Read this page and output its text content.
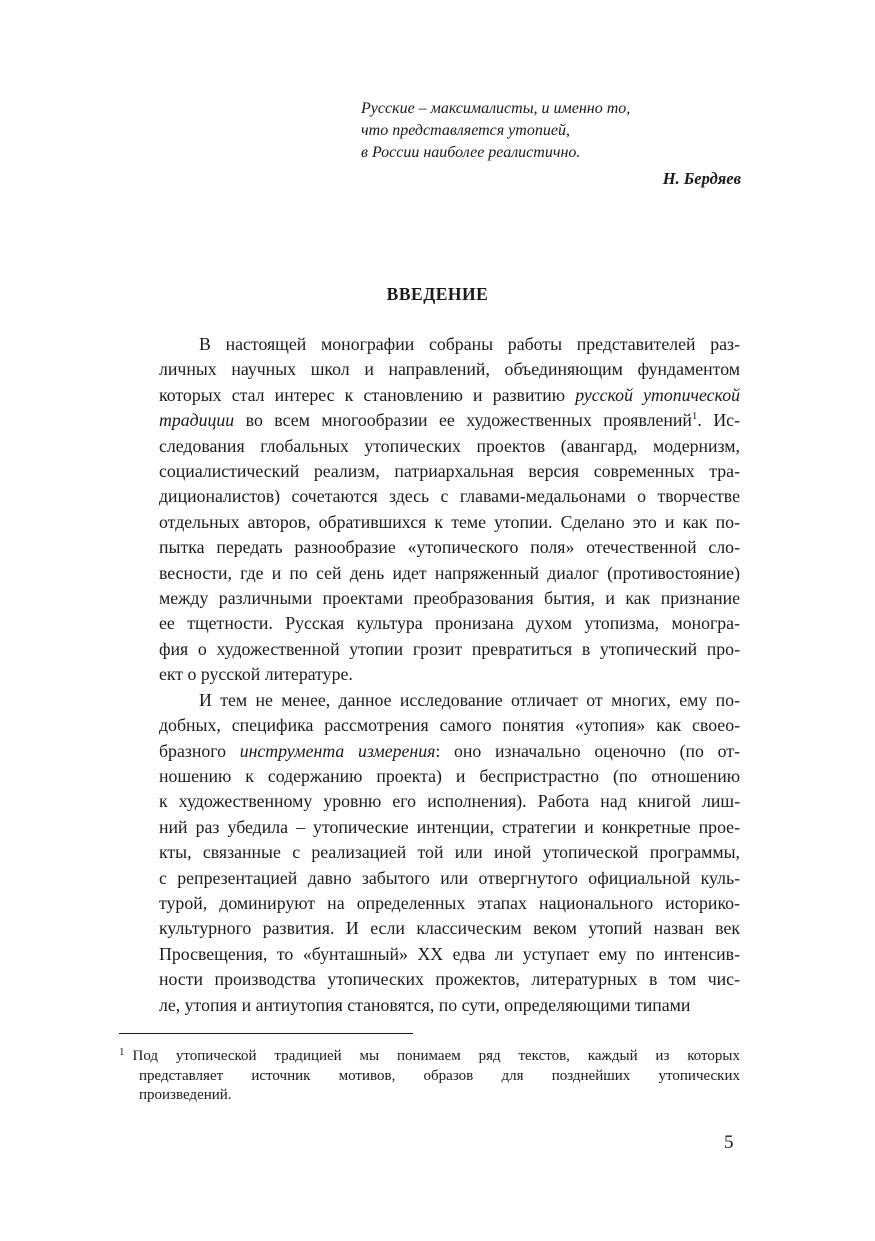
Русские – максималисты, и именно то,
что представляется утопией,
в России наиболее реалистично.
Н. Бердяев
ВВЕДЕНИЕ
В настоящей монографии собраны работы представителей раз-
личных научных школ и направлений, объединяющим фундаментом
которых стал интерес к становлению и развитию русской утопической
традиции во всем многообразии ее художественных проявлений$^1$. Ис-
следования глобальных утопических проектов (авангард, модернизм,
социалистический реализм, патриархальная версия современных тра-
диционалистов) сочетаются здесь с главами-медальонами о творчестве
отдельных авторов, обратившихся к теме утопии. Сделано это и как по-
пытка передать разнообразие «утопического поля» отечественной сло-
весности, где и по сей день идет напряженный диалог (противостояние)
между различными проектами преобразования бытия, и как признание
ее тщетности. Русская культура пронизана духом утопизма, моногра-
фия о художественной утопии грозит превратиться в утопический про-
ект о русской литературе.
И тем не менее, данное исследование отличает от многих, ему по-
добных, специфика рассмотрения самого понятия «утопия» как своео-
бразного инструмента измерения: оно изначально оценочно (по от-
ношению к содержанию проекта) и беспристрастно (по отношению
к художественному уровню его исполнения). Работа над книгой лиш-
ний раз убедила – утопические интенции, стратегии и конкретные прое-
кты, связанные с реализацией той или иной утопической программы,
с репрезентацией давно забытого или отвергнутого официальной куль-
турой, доминируют на определенных этапах национального историко-
культурного развития. И если классическим веком утопий назван век
Просвещения, то «бунташный» XX едва ли уступает ему по интенсив-
ности производства утопических прожектов, литературных в том чис-
ле, утопия и антиутопия становятся, по сути, определяющими типами
$^1$ Под утопической традицией мы понимаем ряд текстов, каждый из которых
представляет источник мотивов, образов для позднейших утопических
произведений.
5
